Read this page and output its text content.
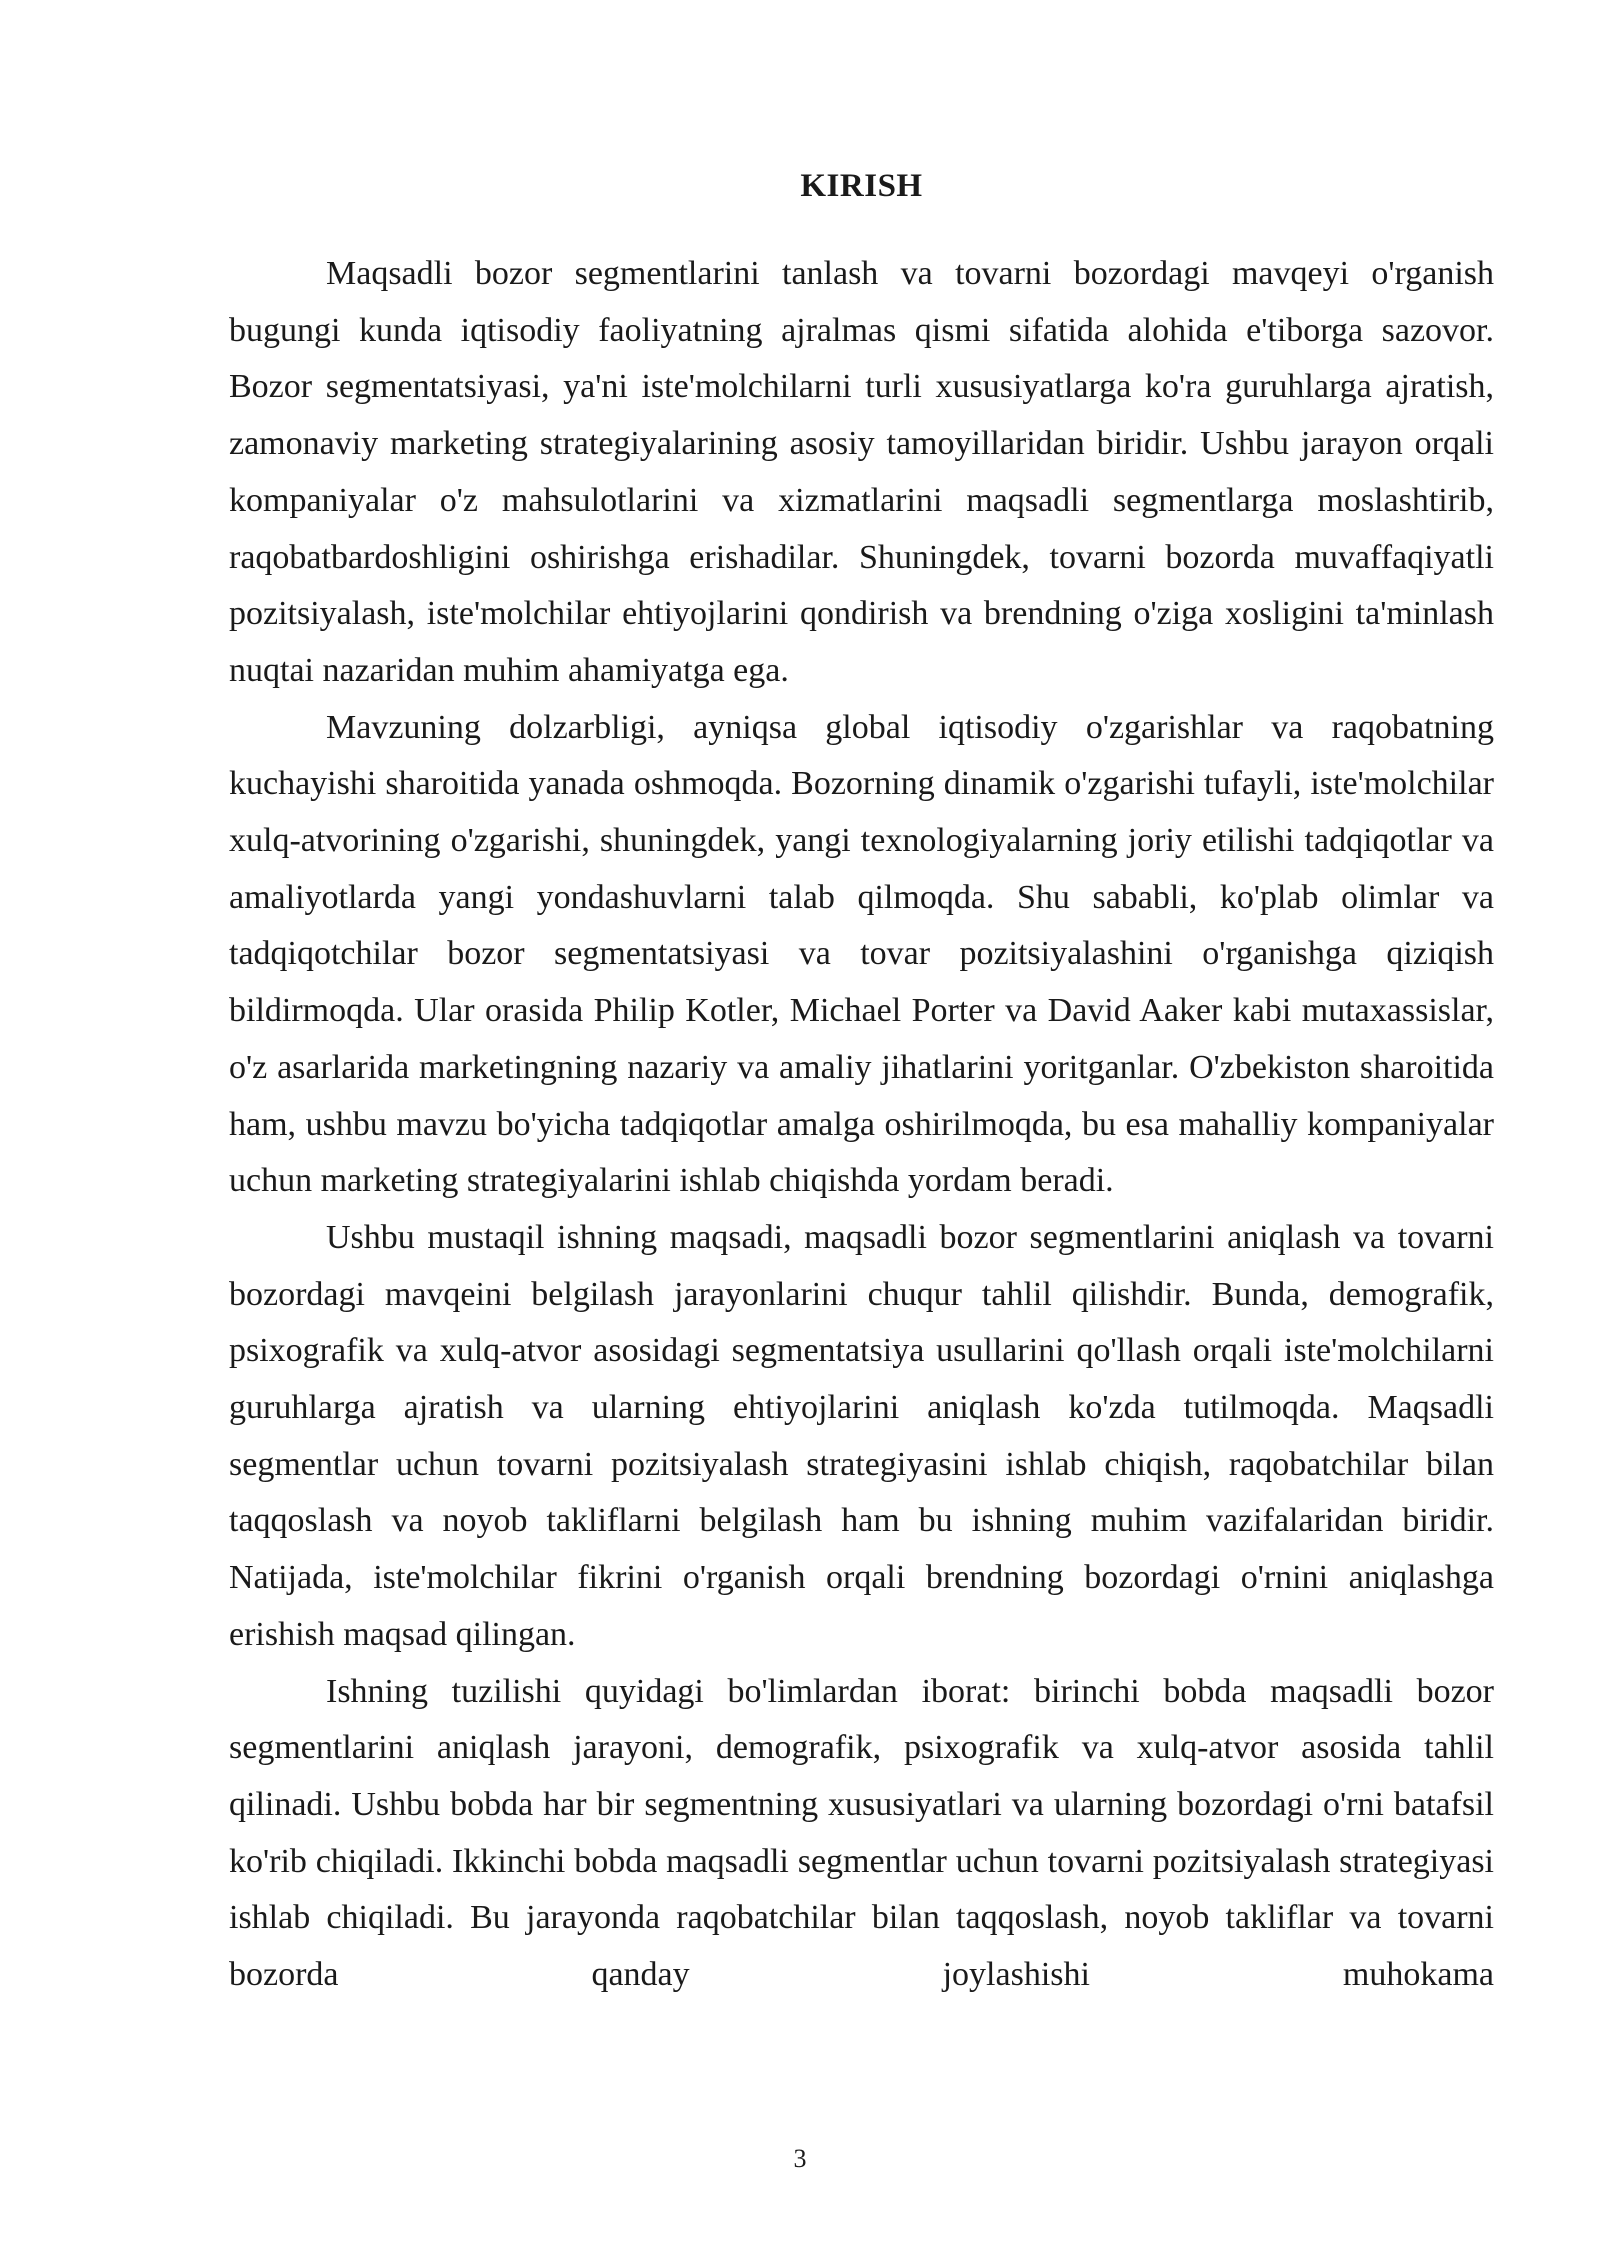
KIRISH

Maqsadli bozor segmentlarini tanlash va tovarni bozordagi mavqeyi o'rganish bugungi kunda iqtisodiy faoliyatning ajralmas qismi sifatida alohida e'tiborga sazovor. Bozor segmentatsiyasi, ya'ni iste'molchilarni turli xususiyatlarga ko'ra guruhlarga ajratish, zamonaviy marketing strategiyalarining asosiy tamoyillaridan biridir. Ushbu jarayon orqali kompaniyalar o'z mahsulotlarini va xizmatlarini maqsadli segmentlarga moslashtirib, raqobatbardoshligini oshirishga erishadilar. Shuningdek, tovarni bozorda muvaffaqiyatli pozitsiyalash, iste'molchilar ehtiyojlarini qondirish va brendning o'ziga xosligini ta'minlash nuqtai nazaridan muhim ahamiyatga ega.

Mavzuning dolzarbligi, ayniqsa global iqtisodiy o'zgarishlar va raqobatning kuchayishi sharoitida yanada oshmoqda. Bozorning dinamik o'zgarishi tufayli, iste'molchilar xulq-atvorining o'zgarishi, shuningdek, yangi texnologiyalarning joriy etilishi tadqiqotlar va amaliyotlarda yangi yondashuvlarni talab qilmoqda. Shu sababli, ko'plab olimlar va tadqiqotchilar bozor segmentatsiyasi va tovar pozitsiyalashini o'rganishga qiziqish bildirmoqda. Ular orasida Philip Kotler, Michael Porter va David Aaker kabi mutaxassislar, o'z asarlarida marketingning nazariy va amaliy jihatlarini yoritganlar. O'zbekiston sharoitida ham, ushbu mavzu bo'yicha tadqiqotlar amalga oshirilmoqda, bu esa mahalliy kompaniyalar uchun marketing strategiyalarini ishlab chiqishda yordam beradi.

Ushbu mustaqil ishning maqsadi, maqsadli bozor segmentlarini aniqlash va tovarni bozordagi mavqeini belgilash jarayonlarini chuqur tahlil qilishdir. Bunda, demografik, psixografik va xulq-atvor asosidagi segmentatsiya usullarini qo'llash orqali iste'molchilarni guruhlarga ajratish va ularning ehtiyojlarini aniqlash ko'zda tutilmoqda. Maqsadli segmentlar uchun tovarni pozitsiyalash strategiyasini ishlab chiqish, raqobatchilar bilan taqqoslash va noyob takliflarni belgilash ham bu ishning muhim vazifalaridan biridir. Natijada, iste'molchilar fikrini o'rganish orqali brendning bozordagi o'rnini aniqlashga erishish maqsad qilingan.

Ishning tuzilishi quyidagi bo'limlardan iborat: birinchi bobda maqsadli bozor segmentlarini aniqlash jarayoni, demografik, psixografik va xulq-atvor asosida tahlil qilinadi. Ushbu bobda har bir segmentning xususiyatlari va ularning bozordagi o'rni batafsil ko'rib chiqiladi. Ikkinchi bobda maqsadli segmentlar uchun tovarni pozitsiyalash strategiyasi ishlab chiqiladi. Bu jarayonda raqobatchilar bilan taqqoslash, noyob takliflar va tovarni bozorda qanday joylashishi muhokama

3
